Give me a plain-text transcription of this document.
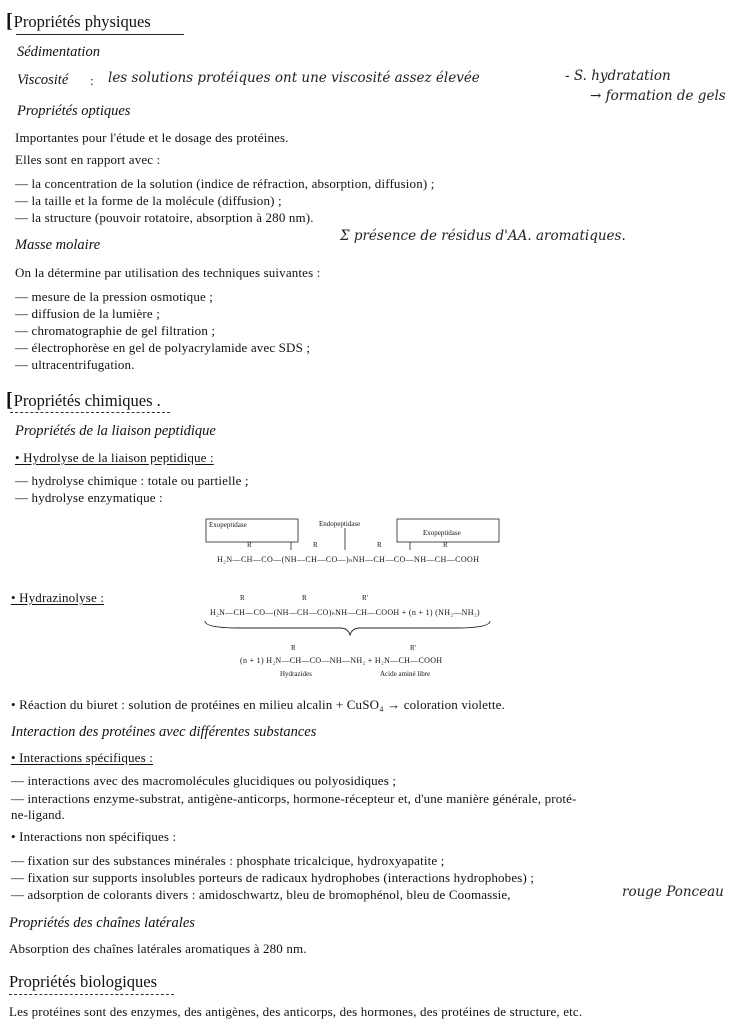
[Propriétés physiques
Sédimentation
Viscosité : les solutions protéiques ont une viscosité assez élevée	- S. hydratation
→ formation de gels
Propriétés optiques
Importantes pour l'étude et le dosage des protéines.
Elles sont en rapport avec :
— la concentration de la solution (indice de réfraction, absorption, diffusion) ;
— la taille et la forme de la molécule (diffusion) ;
— la structure (pouvoir rotatoire, absorption à 280 nm).
Σ présence de résidus d'AA. aromatiques.
Masse molaire
On la détermine par utilisation des techniques suivantes :
— mesure de la pression osmotique ;
— diffusion de la lumière ;
— chromatographie de gel filtration ;
— électrophorèse en gel de polyacrylamide avec SDS ;
— ultracentrifugation.
[Propriétés chimiques .
Propriétés de la liaison peptidique
• Hydrolyse de la liaison peptidique :
— hydrolyse chimique : totale ou partielle ;
— hydrolyse enzymatique :
Exopeptidase	Endopeptidase
Exopeptidase
R	R	R	R
H₂N—CH—CO—(NH—CH—CO—)ₙNH—CH—CO—NH—CH—COOH
• Hydrazinolyse :	R	R	R'
H₂N—CH—CO—(NH—CH—CO)ₙNH—CH—COOH + (n + 1) (NH₂—NH₂)
R	R'
(n + 1) H₂N—CH—CO—NH—NH₂ + H₂N—CH—COOH
Hydrazides	Acide aminé libre
• Réaction du biuret : solution de protéines en milieu alcalin + CuSO₄ → coloration violette.
Interaction des protéines avec différentes substances
• Interactions spécifiques :
— interactions avec des macromolécules glucidiques ou polyosidiques ;
— interactions enzyme-substrat, antigène-anticorps, hormone-récepteur et, d'une manière générale, proté-
ne-ligand.
• Interactions non spécifiques :
— fixation sur des substances minérales : phosphate tricalcique, hydroxyapatite ;
— fixation sur supports insolubles porteurs de radicaux hydrophobes (interactions hydrophobes) ;
— adsorption de colorants divers : amidoschwartz, bleu de bromophénol, bleu de Coomassie,	rouge Ponceau
Propriétés des chaînes latérales
Absorption des chaînes latérales aromatiques à 280 nm.
Propriétés biologiques
Les protéines sont des enzymes, des antigènes, des anticorps, des hormones, des protéines de structure, etc.
